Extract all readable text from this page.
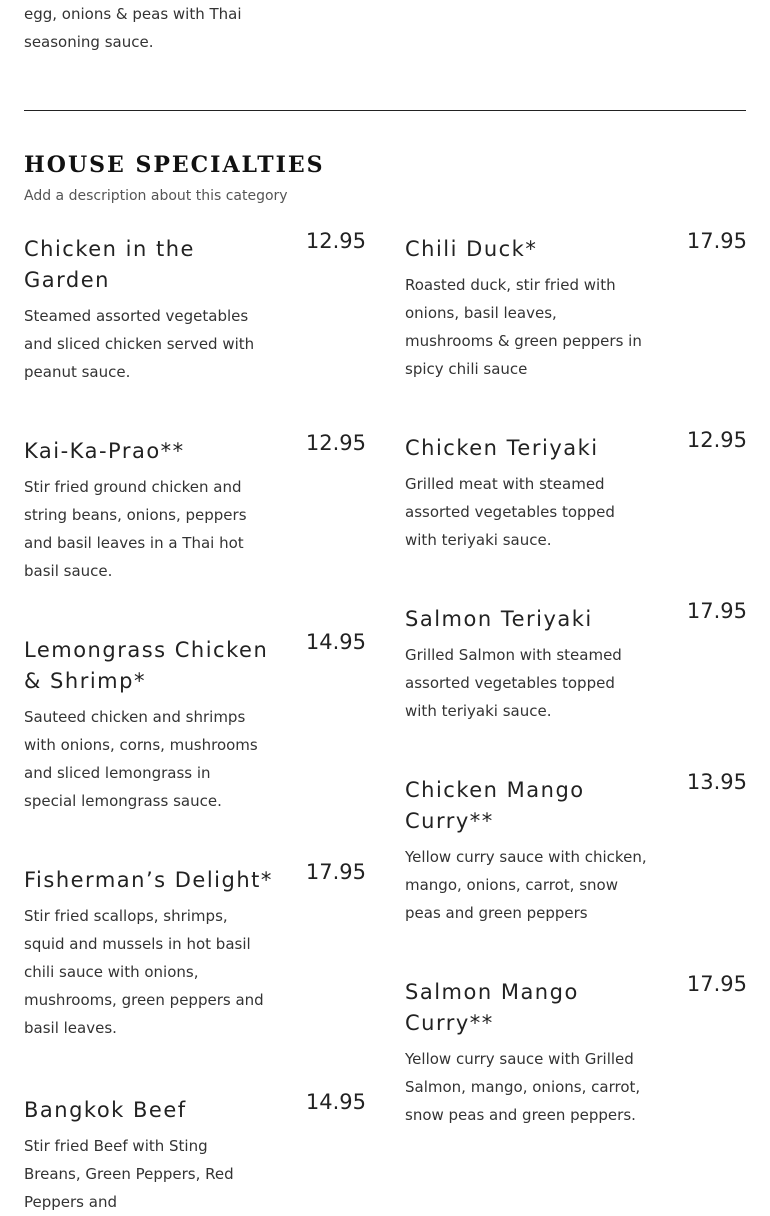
egg, onions & peas with Thai seasoning sauce.
HOUSE SPECIALTIES
Add a description about this category
Chicken in the Garden
12.95
Steamed assorted vegetables and sliced chicken served with peanut sauce.
Kai-Ka-Prao**	12.95
Stir fried ground chicken and string beans, onions, peppers and basil leaves in a Thai hot basil sauce.
Lemongrass Chicken & Shrimp*
14.95
Sauteed chicken and shrimps with onions, corns, mushrooms and sliced lemongrass in special lemongrass sauce.
Fisherman’s Delight* 17.95
Stir fried scallops, shrimps, squid and mussels in hot basil chili sauce with onions, mushrooms, green peppers and basil leaves.
Bangkok Beef	14.95
Stir fried Beef with Sting Breans, Green Peppers, Red Peppers and
Chili Duck*	17.95
Roasted duck, stir fried with onions, basil leaves, mushrooms & green peppers in spicy chili sauce
Chicken Teriyaki	12.95
Grilled meat with steamed assorted vegetables topped with teriyaki sauce.
Salmon Teriyaki	17.95
Grilled Salmon with steamed assorted vegetables topped with teriyaki sauce.
Chicken Mango Curry**
13.95
Yellow curry sauce with chicken, mango, onions, carrot, snow peas and green peppers
Salmon Mango Curry**
17.95
Yellow curry sauce with Grilled Salmon, mango, onions, carrot, snow peas and green peppers.
